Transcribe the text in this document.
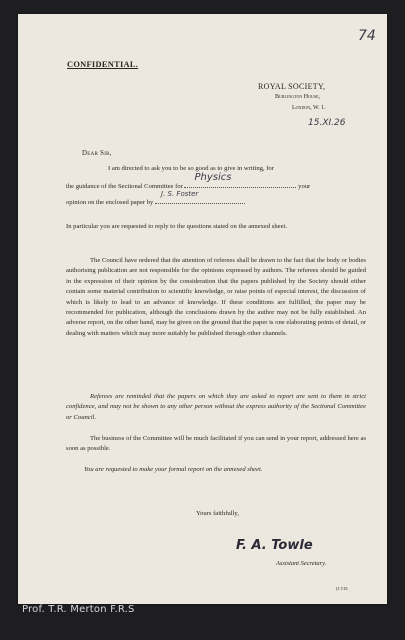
74
CONFIDENTIAL.
ROYAL SOCIETY,
Burlington House,
London, W. 1.
15.XI.26
Dear Sir,
I am directed to ask you to be so good as to give in writing, for
the guidance of the Sectional Committee for
Physics
your
opinion on the enclosed paper by
J. S. Foster

In particular you are requested to reply to the questions stated on the annexed sheet.

The Council have ordered that the attention of referees shall be drawn to the fact that the body or bodies authorising publication are not responsible for the opinions expressed by authors. The referees should be guided in the expression of their opinion by the consideration that the papers published by the Society should either contain some material contribution to scientific knowledge, or raise points of especial interest, the discussion of which is likely to lead to an advance of knowledge. If these conditions are fulfilled, the paper may be recommended for publication, although the conclusions drawn by the author may not be fully established. An adverse report, on the other hand, may be given on the ground that the paper is one elaborating points of detail, or dealing with matters which may more suitably be published through other channels.

Referees are reminded that the papers on which they are asked to report are sent to them in strict confidence, and may not be shown to any other person without the express authority of the Sectional Committee or Council.

The business of the Committee will be much facilitated if you can send in your report, addressed here as soon as possible.

You are requested to make your formal report on the annexed sheet.
Yours faithfully,
F. A. Towle
Assistant Secretary.
[J.T.D.
Prof. T.R. Merton F.R.S
